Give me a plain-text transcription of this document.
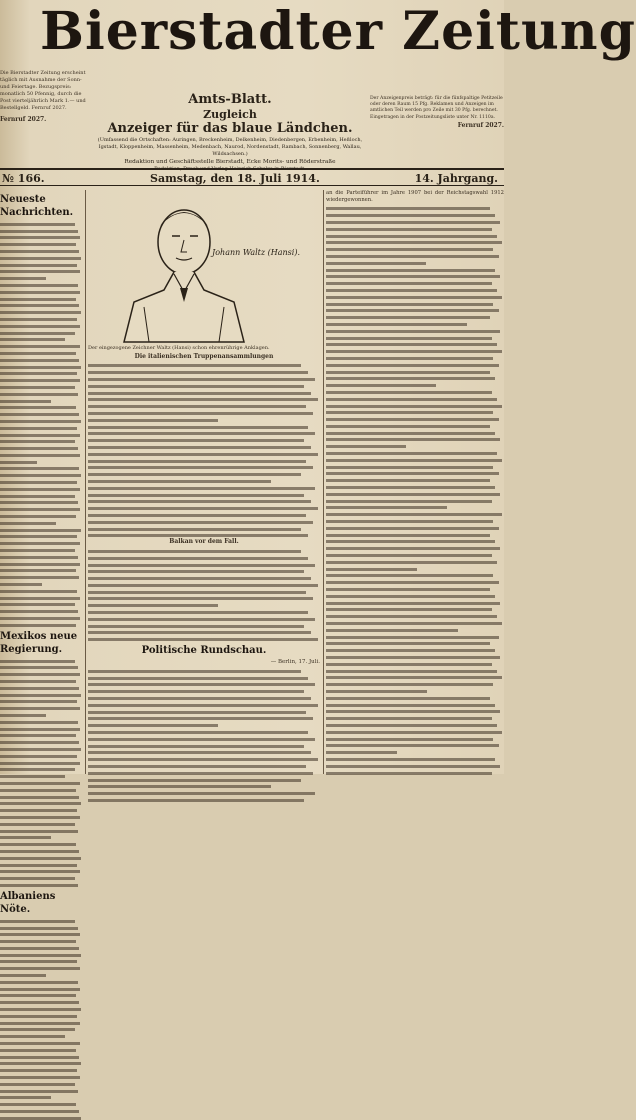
Bierstadter Zeitung
Die Bierstadter Zeitung erscheint täglich mit Ausnahme der Sonn- und Feiertage. Bezugspreis: monatlich 50 Pfennig, durch die Post vierteljährlich Mark 1.— und Bestellgeld. Fernruf 2027.
Fernruf 2027.
Amts-Blatt.
Zugleich
Anzeiger für das blaue Ländchen.
(Umfassend die Ortschaften: Auringen, Breckenheim, Delkenheim, Diedenbergen, Erbenheim, Heßloch, Igstadt, Kloppenheim, Massenheim, Medenbach, Naurod, Nordenstadt, Rambach, Sonnenberg, Wallau, Wildsachsen.)
Redaktion und Geschäftsstelle Bierstadt, Ecke Morits- und Röderstraße
Redaktion, Druck und Verlag Heinrich Schulze in Bierstadt.
Der Anzeigenpreis beträgt: für die fünfspaltige Petitzeile oder deren Raum 15 Pfg. Reklamen und Anzeigen im amtlichen Teil werden pro Zeile mit 30 Pfg. berechnet. Eingetragen in der Postzeitungsliste unter Nr. 1110a.
Fernruf 2027.
№ 166.	Samstag, den 18. Juli 1914.	14. Jahrgang.
Neueste Nachrichten.
Mexikos neue Regierung.
Albaniens Nöte.
Johann Waltz (Hansi).
Der eingezogene Zeichner Waltz (Hansi) schon ehrenrührige Anklagen.
Die italienischen Truppenansammlungen
Balkan vor dem Fall.
Politische Rundschau.
— Berlin, 17. Juli.
an die Parteiführer im Jahre 1907 bei der Reichstagswahl 1912 wiedergewonnen.
